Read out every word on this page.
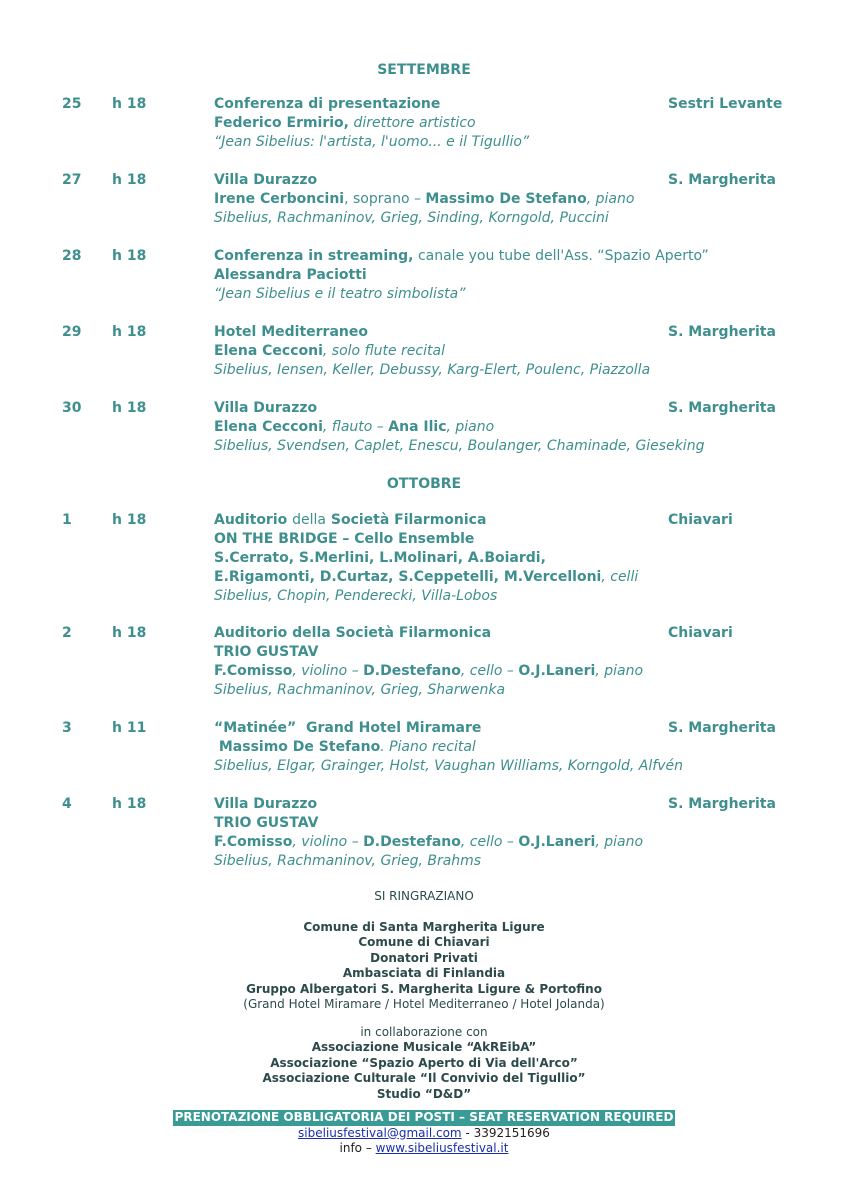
SETTEMBRE
25 h 18	Conferenza di presentazione
Federico Ermirio, direttore artistico
“Jean Sibelius: l'artista, l'uomo... e il Tigullio”
Sestri Levante
27 h 18	Villa Durazzo
Irene Cerboncini, soprano – Massimo De Stefano, piano
Sibelius, Rachmaninov, Grieg, Sinding, Korngold, Puccini
S. Margherita
28 h 18	Conferenza in streaming, canale you tube dell'Ass. “Spazio Aperto”
Alessandra Paciotti
“Jean Sibelius e il teatro simbolista”
29 h 18	Hotel Mediterraneo
Elena Cecconi, solo flute recital
Sibelius, Iensen, Keller, Debussy, Karg-Elert, Poulenc, Piazzolla
S. Margherita
30 h 18	Villa Durazzo
Elena Cecconi, flauto – Ana Ilic, piano
Sibelius, Svendsen, Caplet, Enescu, Boulanger, Chaminade, Gieseking
S. Margherita
OTTOBRE
1	h 18	Auditorio della Società Filarmonica
ON THE BRIDGE – Cello Ensemble
S.Cerrato, S.Merlini, L.Molinari, A.Boiardi,
E.Rigamonti, D.Curtaz, S.Ceppetelli, M.Vercelloni, celli
Sibelius, Chopin, Penderecki, Villa-Lobos
Chiavari
2	h 18	Auditorio della Società Filarmonica
TRIO GUSTAV
F.Comisso, violino – D.Destefano, cello – O.J.Laneri, piano
Sibelius, Rachmaninov, Grieg, Sharwenka
Chiavari
3	h 11	“Matinée”  Grand Hotel Miramare
Massimo De Stefano. Piano recital
Sibelius, Elgar, Grainger, Holst, Vaughan Williams, Korngold, Alfvén
S. Margherita
4	h 18	Villa Durazzo
TRIO GUSTAV
F.Comisso, violino – D.Destefano, cello – O.J.Laneri, piano
Sibelius, Rachmaninov, Grieg, Brahms
S. Margherita
SI RINGRAZIANO
Comune di Santa Margherita Ligure
Comune di Chiavari
Donatori Privati
Ambasciata di Finlandia
Gruppo Albergatori S. Margherita Ligure & Portofino
(Grand Hotel Miramare / Hotel Mediterraneo / Hotel Jolanda)
in collaborazione con
Associazione Musicale “AkREibA”
Associazione “Spazio Aperto di Via dell'Arco”
Associazione Culturale “Il Convivio del Tigullio”
Studio “D&D”
PRENOTAZIONE OBBLIGATORIA DEI POSTI – SEAT RESERVATION REQUIRED
sibeliusfestival@gmail.com - 3392151696
info – www.sibeliusfestival.it
